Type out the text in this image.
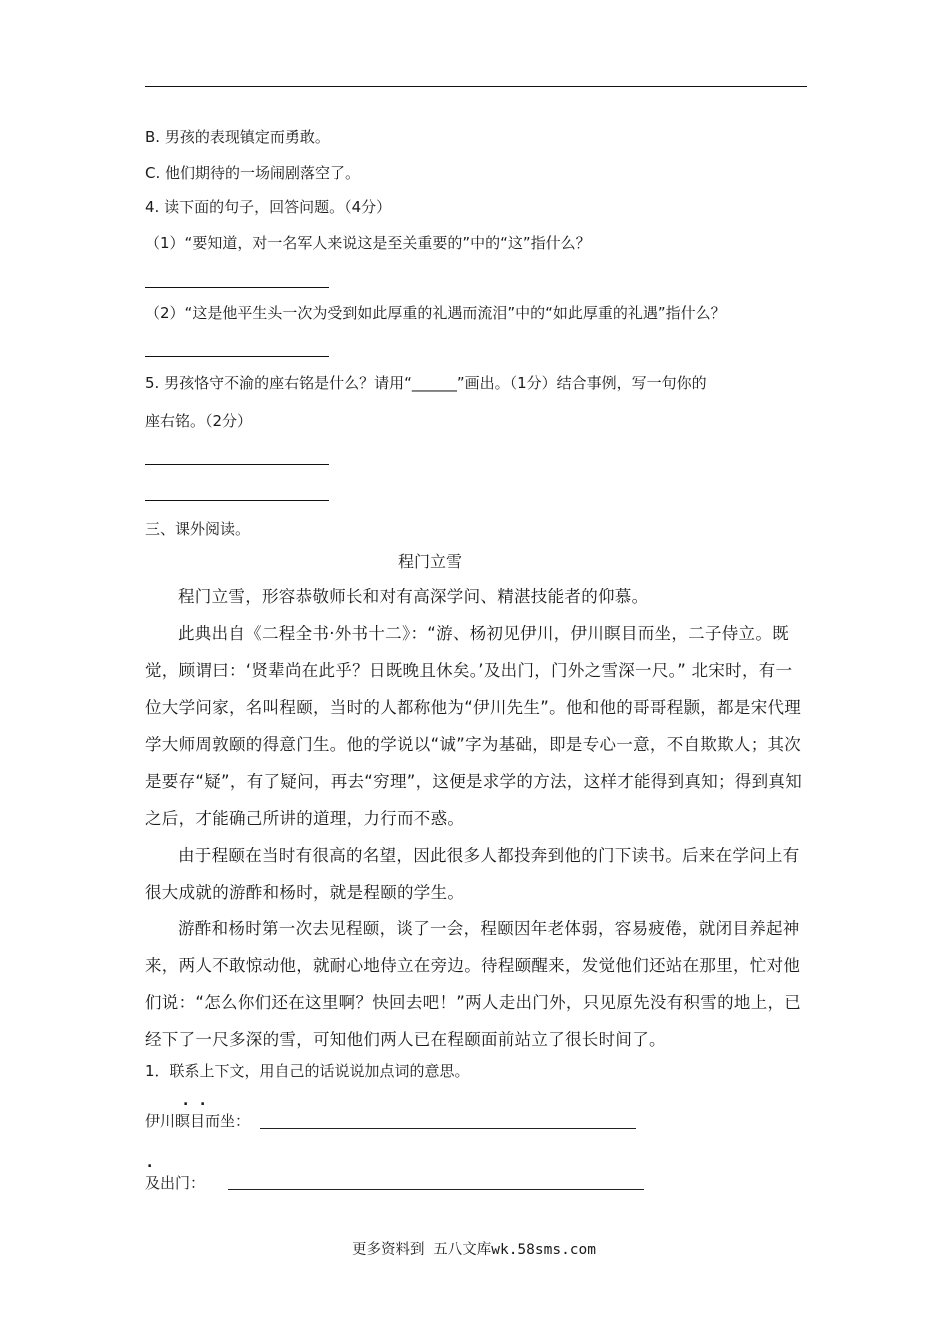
B. 男孩的表现镇定而勇敢。
C. 他们期待的一场闹剧落空了。
4. 读下面的句子，回答问题。（4分）
（1）“要知道，对一名军人来说这是至关重要的”中的“这”指什么？
（2）“这是他平生头一次为受到如此厚重的礼遇而流泪”中的“如此厚重的礼遇”指什么？
5. 男孩恪守不渝的座右铭是什么？请用“______”画出。（1分）结合事例，写一句你的
座右铭。（2分）
三、课外阅读。
程门立雪
程门立雪，形容恭敬师长和对有高深学问、精湛技能者的仰慕。
此典出自《二程全书·外书十二》：“游、杨初见伊川，伊川瞑目而坐，二子侍立。既觉，顾谓曰：‘贤辈尚在此乎？日既晚且休矣。’及出门，门外之雪深一尺。” 北宋时，有一位大学问家，名叫程颐，当时的人都称他为“伊川先生”。他和他的哥哥程颢，都是宋代理学大师周敦颐的得意门生。他的学说以“诚”字为基础，即是专心一意，不自欺欺人；其次是要存“疑”，有了疑问，再去“穷理”，这便是求学的方法，这样才能得到真知；得到真知之后，才能确己所讲的道理，力行而不惑。
由于程颐在当时有很高的名望，因此很多人都投奔到他的门下读书。后来在学问上有很大成就的游酢和杨时，就是程颐的学生。
游酢和杨时第一次去见程颐，谈了一会，程颐因年老体弱，容易疲倦，就闭目养起神来，两人不敢惊动他，就耐心地侍立在旁边。待程颐醒来，发觉他们还站在那里，忙对他们说：“怎么你们还在这里啊？快回去吧！”两人走出门外，只见原先没有积雪的地上，已经下了一尺多深的雪，可知他们两人已在程颐面前站立了很长时间了。
1．联系上下文，用自己的话说说加点词的意思。
. .
伊川瞑目而坐：
.
及出门：
更多资料到 五八文库wk.58sms.com
